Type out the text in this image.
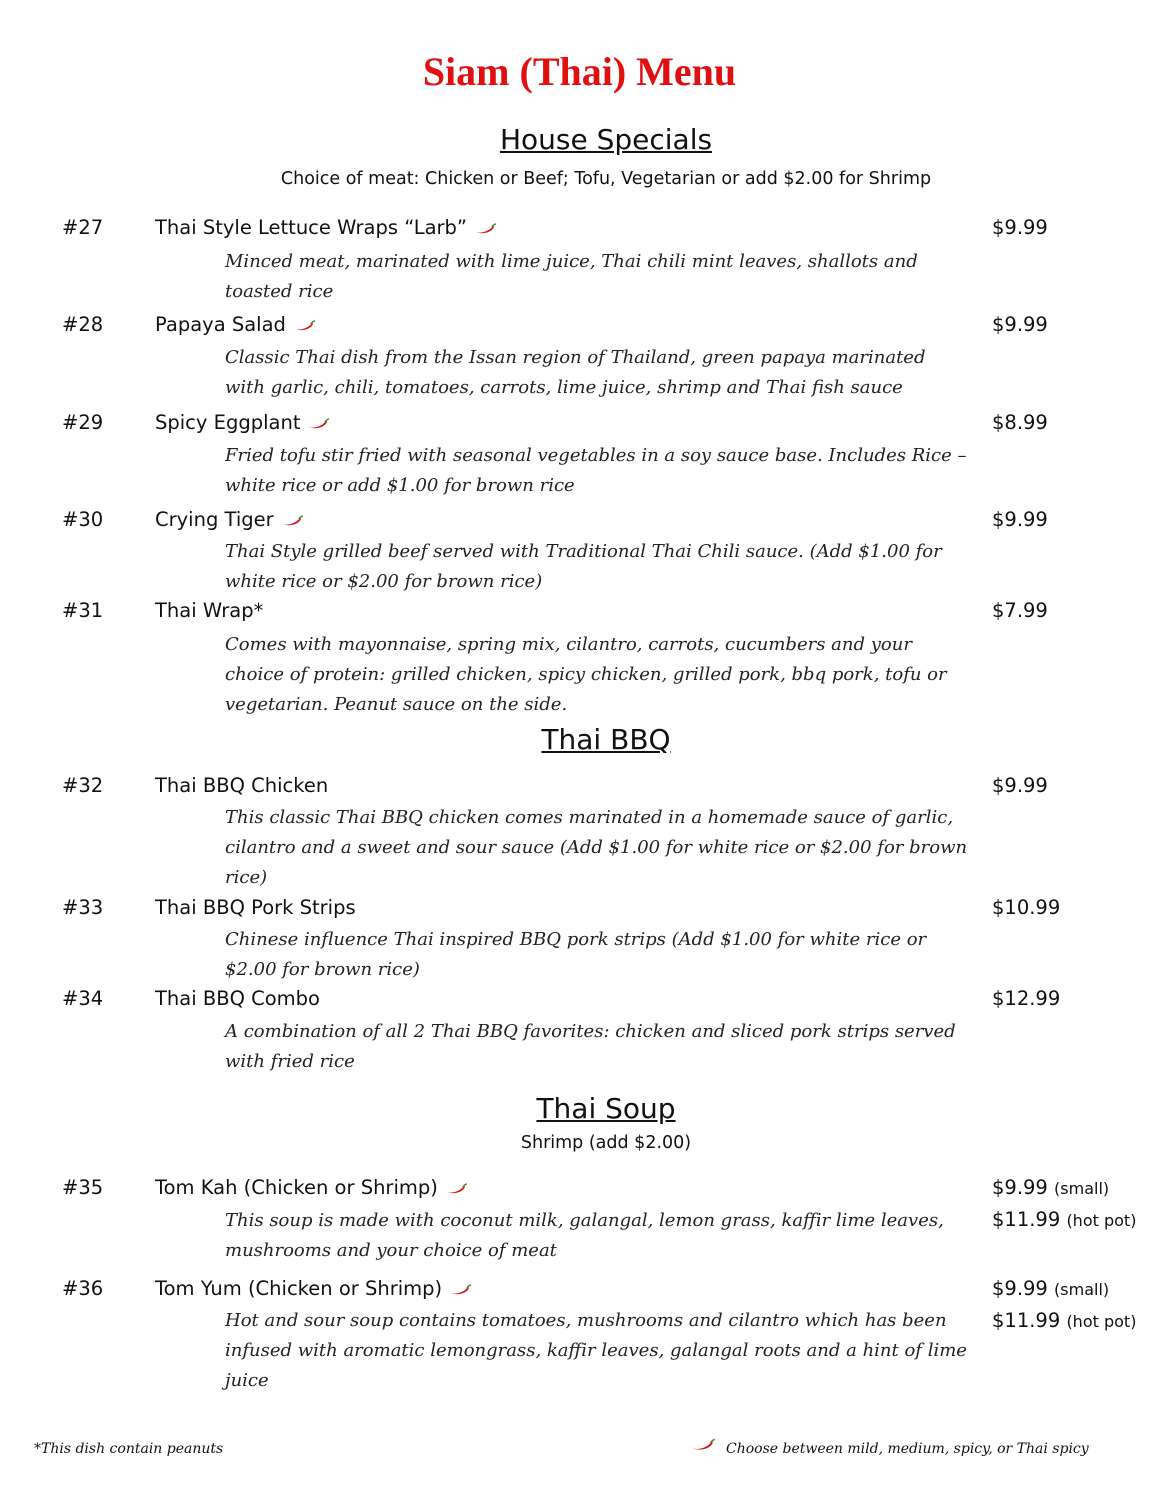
Siam (Thai) Menu
House Specials
Choice of meat: Chicken or Beef; Tofu, Vegetarian or add $2.00 for Shrimp
#27	Thai Style Lettuce Wraps “Larb”	$9.99
Minced meat, marinated with lime juice, Thai chili mint leaves, shallots and toasted rice
#28	Papaya Salad	$9.99
Classic Thai dish from the Issan region of Thailand, green papaya marinated with garlic, chili, tomatoes, carrots, lime juice, shrimp and Thai fish sauce
#29	Spicy Eggplant	$8.99
Fried tofu stir fried with seasonal vegetables in a soy sauce base. Includes Rice – white rice or add $1.00 for brown rice
#30	Crying Tiger	$9.99
Thai Style grilled beef served with Traditional Thai Chili sauce. (Add $1.00 for white rice or $2.00 for brown rice)
#31	Thai Wrap*	$7.99
Comes with mayonnaise, spring mix, cilantro, carrots, cucumbers and your choice of protein: grilled chicken, spicy chicken, grilled pork, bbq pork, tofu or vegetarian. Peanut sauce on the side.
Thai BBQ
#32	Thai BBQ Chicken	$9.99
This classic Thai BBQ chicken comes marinated in a homemade sauce of garlic, cilantro and a sweet and sour sauce (Add $1.00 for white rice or $2.00 for brown rice)
#33	Thai BBQ Pork Strips	$10.99
Chinese influence Thai inspired BBQ pork strips (Add $1.00 for white rice or $2.00 for brown rice)
#34	Thai BBQ Combo	$12.99
A combination of all 2 Thai BBQ favorites: chicken and sliced pork strips served with fried rice
Thai Soup
Shrimp (add $2.00)
#35	Tom Kah (Chicken or Shrimp)	$9.99 (small)
$11.99 (hot pot)
This soup is made with coconut milk, galangal, lemon grass, kaffir lime leaves, mushrooms and your choice of meat
#36	Tom Yum (Chicken or Shrimp)	$9.99 (small)
$11.99 (hot pot)
Hot and sour soup contains tomatoes, mushrooms and cilantro which has been infused with aromatic lemongrass, kaffir leaves, galangal roots and a hint of lime juice
*This dish contain peanuts	Choose between mild, medium, spicy, or Thai spicy
